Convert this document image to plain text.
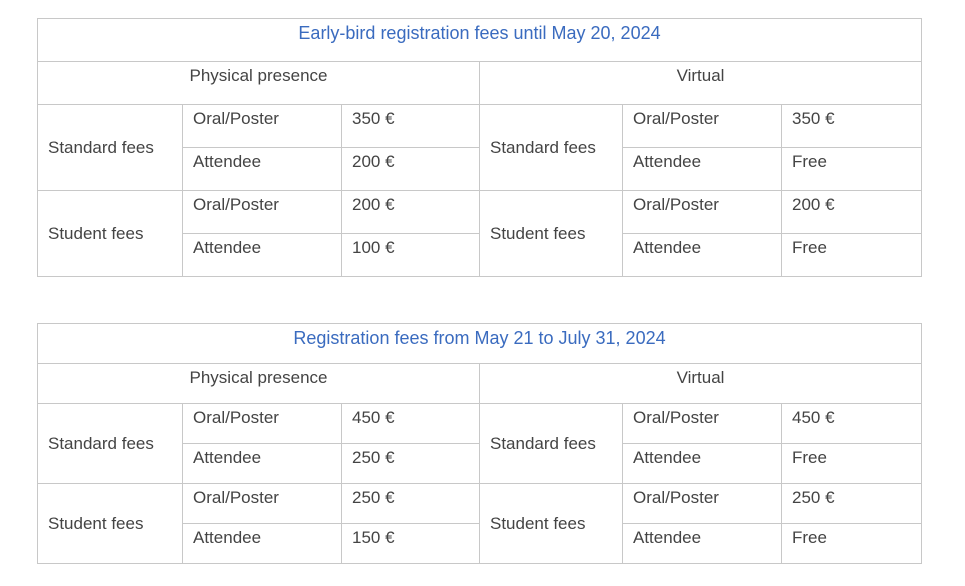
Early-bird registration fees until May 20, 2024					
Physical presence			Virtual		
Standard fees	Oral/Poster	350 €	Standard fees	Oral/Poster	350 €
	Attendee	200 €		Attendee	Free
Student fees	Oral/Poster	200 €	Student fees	Oral/Poster	200 €
	Attendee	100 €		Attendee	Free
Registration fees from May 21 to July 31, 2024					
Physical presence			Virtual		
Standard fees	Oral/Poster	450 €	Standard fees	Oral/Poster	450 €
	Attendee	250 €		Attendee	Free
Student fees	Oral/Poster	250 €	Student fees	Oral/Poster	250 €
	Attendee	150 €		Attendee	Free
